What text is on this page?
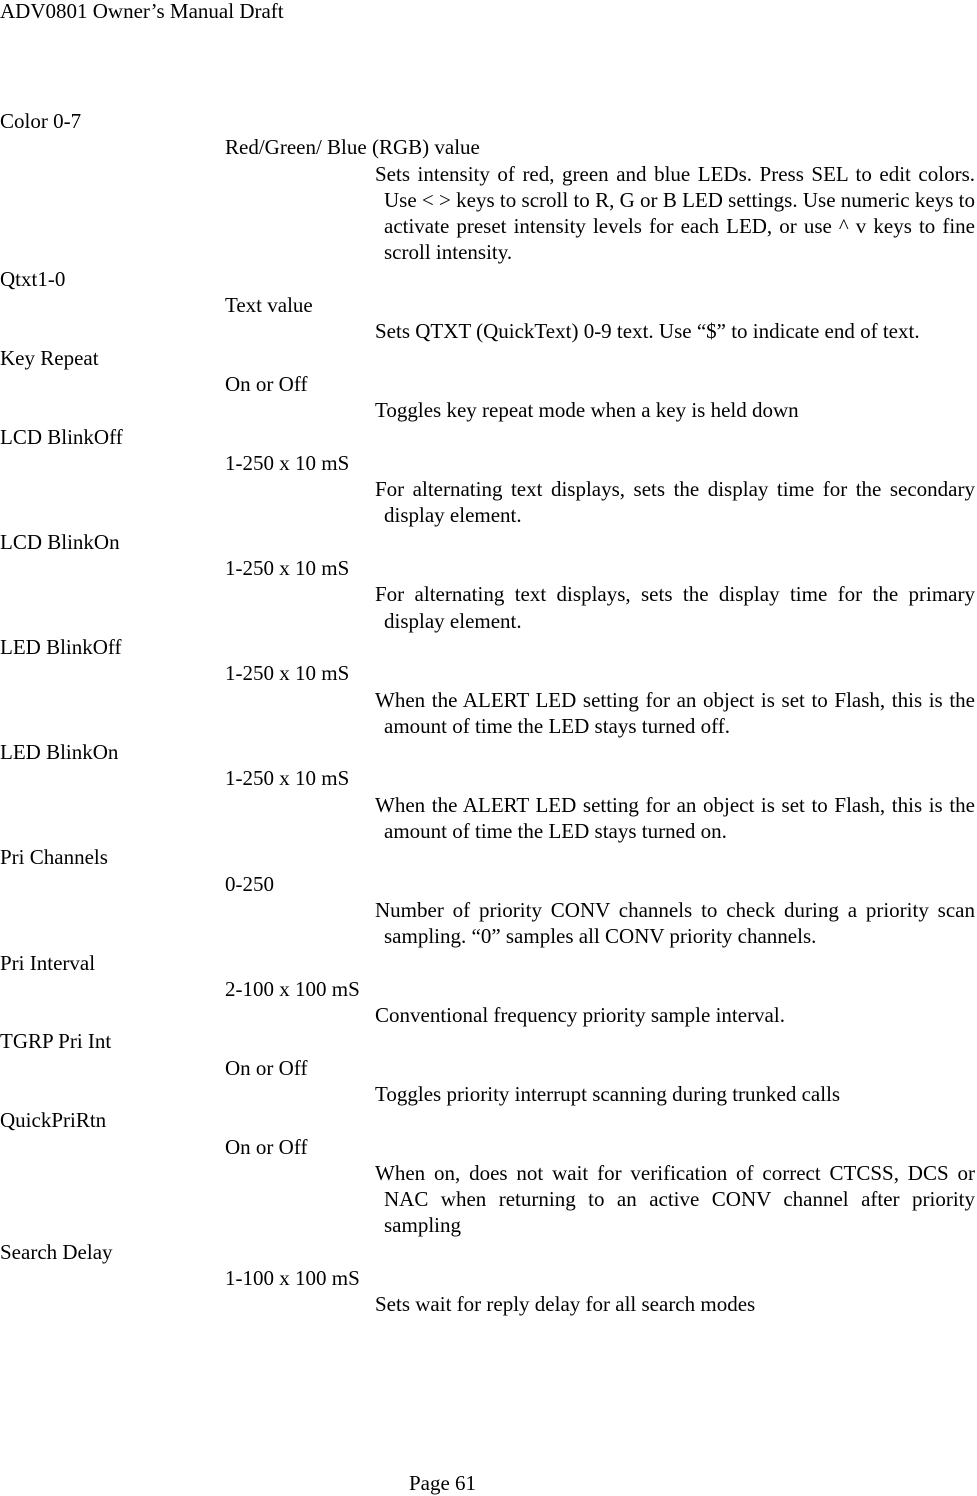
ADV0801 Owner’s Manual Draft
Color 0-7
Red/Green/ Blue (RGB) value
Sets intensity of red, green and blue LEDs. Press SEL to edit colors. Use < > keys to scroll to R, G or B LED settings. Use numeric keys to activate preset intensity levels for each LED, or use ^ v keys to fine scroll intensity.
Qtxt1-0
Text value
Sets QTXT (QuickText) 0-9 text. Use “$” to indicate end of text.
Key Repeat
On or Off
Toggles key repeat mode when a key is held down
LCD BlinkOff
1-250 x 10 mS
For alternating text displays, sets the display time for the secondary display element.
LCD BlinkOn
1-250 x 10 mS
For alternating text displays, sets the display time for the primary display element.
LED BlinkOff
1-250 x 10 mS
When the ALERT LED setting for an object is set to Flash, this is the amount of time the LED stays turned off.
LED BlinkOn
1-250 x 10 mS
When the ALERT LED setting for an object is set to Flash, this is the amount of time the LED stays turned on.
Pri Channels
0-250
Number of priority CONV channels to check during a priority scan sampling. “0” samples all CONV priority channels.
Pri Interval
2-100 x 100 mS
Conventional frequency priority sample interval.
TGRP Pri Int
On or Off
Toggles priority interrupt scanning during trunked calls
QuickPriRtn
On or Off
When on, does not wait for verification of correct CTCSS, DCS or NAC when returning to an active CONV channel after priority sampling
Search Delay
1-100 x 100 mS
Sets wait for reply delay for all search modes
Page 61
